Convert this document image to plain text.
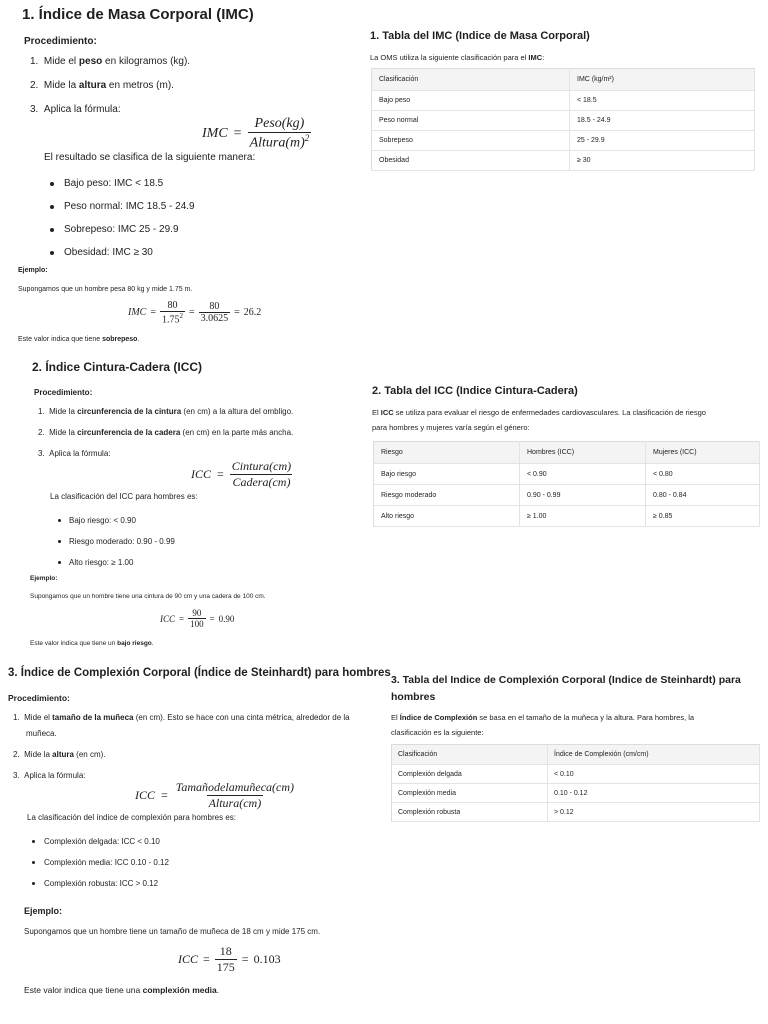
1. Índice de Masa Corporal (IMC)

Procedimiento:

1. Mide el peso en kilogramos (kg).
2. Mide la altura en metros (m).
3. Aplica la fórmula:
IMC = $\frac{\text{Peso(kg)}}{Altura(m)^2}$

El resultado se clasifica de la siguiente manera:

Bajo peso: IMC < 18.5
Peso normal: IMC 18.5 - 24.9
Sobrepeso: IMC 25 - 29.9
Obesidad: IMC ≥ 30

Ejemplo:

Supongamos que un hombre pesa 80 kg y mide 1.75 m.

IMC = $\frac{80}{1.75^2} = \frac{80}{3.0625} = 26.2$

Este valor indica que tiene sobrepeso.

1. Tabla del IMC (Indice de Masa Corporal)

La OMS utiliza la siguiente clasificación para el IMC:

Clasificación	IMC (kg/m²)
Bajo peso	< 18.5
Peso normal	18.5 - 24.9
Sobrepeso	25 - 29.9
Obesidad	≥ 30
2. Índice Cintura-Cadera (ICC)

Procedimiento:

1. Mide la circunferencia de la cintura (en cm) a la altura del ombligo.
2. Mide la circunferencia de la cadera (en cm) en la parte más ancha.
3. Aplica la fórmula:
ICC = $\frac{\text{Cintura(cm)}}{\text{Cadera(cm)}}$

La clasificación del ICC para hombres es:

Bajo riesgo: < 0.90
Riesgo moderado: 0.90 - 0.99
Alto riesgo: ≥ 1.00

Ejemplo:

Supongamos que un hombre tiene una cintura de 90 cm y una cadera de 100 cm.

ICC = $\frac{90}{100} = 0.90$

Este valor indica que tiene un bajo riesgo.

2. Tabla del ICC (Indice Cintura-Cadera)

El ICC se utiliza para evaluar el riesgo de enfermedades cardiovasculares. La clasificación de riesgo

para hombres y mujeres varía según el género:

Riesgo	Hombres (ICC)	Mujeres (ICC)
Bajo riesgo	< 0.90	< 0.80
Riesgo moderado	0.90 - 0.99	0.80 - 0.84
Alto riesgo	≥ 1.00	≥ 0.85
3. Índice de Complexión Corporal (Índice de Steinhardt) para hombres

Procedimiento:

1. Mide el tamaño de la muñeca (en cm). Esto se hace con una cinta métrica, alrededor de la
muñeca.
2. Mide la altura (en cm).
3. Aplica la fórmula:
ICC = $\frac{\text{Tamañodelamuñeca(cm)}}{\text{Altura(cm)}}$

La clasificación del índice de complexión para hombres es:

Complexión delgada: ICC < 0.10
Complexión media: ICC 0.10 - 0.12
Complexión robusta: ICC > 0.12

Ejemplo:

Supongamos que un hombre tiene un tamaño de muñeca de 18 cm y mide 175 cm.

ICC = $\frac{18}{175} = 0.103$

Este valor indica que tiene una complexión media.

3. Tabla del Indice de Complexión Corporal (Indice de Steinhardt) para
hombres

El Índice de Complexión se basa en el tamaño de la muñeca y la altura. Para hombres, la

clasificación es la siguiente:

Clasificación	Índice de Complexión (cm/cm)
Complexión delgada	< 0.10
Complexión media	0.10 - 0.12
Complexión robusta	> 0.12
